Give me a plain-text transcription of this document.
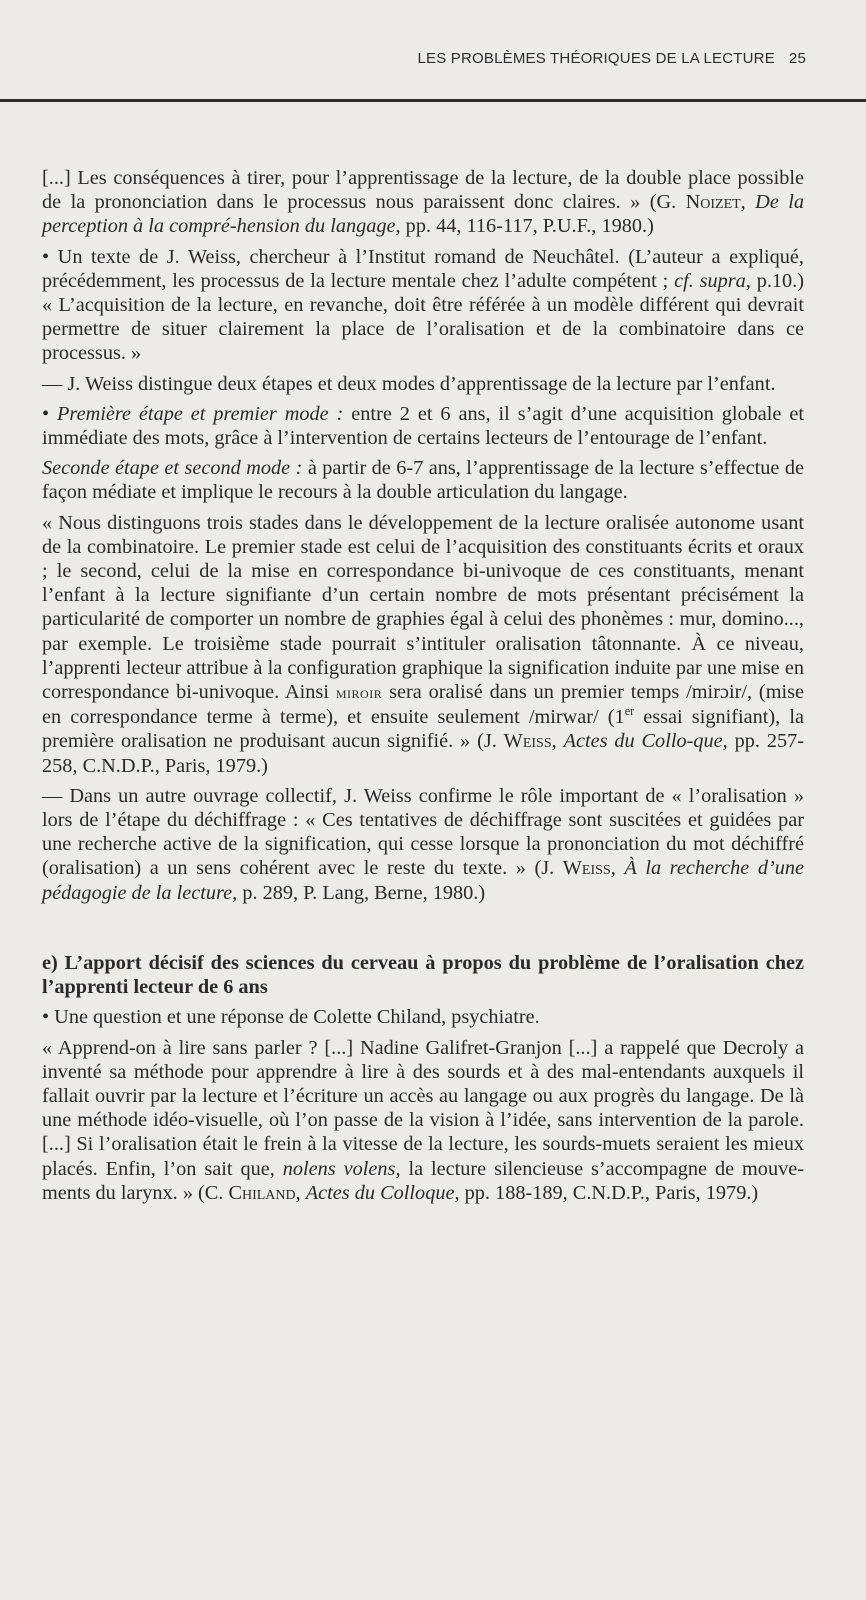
LES PROBLÈMES THÉORIQUES DE LA LECTURE 25

[...] Les conséquences à tirer, pour l’apprentissage de la lecture, de la double place possible de la prononciation dans le processus nous paraissent donc claires. » (G. Noizet, De la perception à la compré-hension du langage, pp. 44, 116-117, P.U.F., 1980.)

• Un texte de J. Weiss, chercheur à l’Institut romand de Neuchâtel. (L’auteur a expliqué, précédemment, les processus de la lecture mentale chez l’adulte compétent ; cf. supra, p.10.) « L’acquisition de la lecture, en revanche, doit être référée à un modèle différent qui devrait permettre de situer clairement la place de l’oralisation et de la combinatoire dans ce processus. »

— J. Weiss distingue deux étapes et deux modes d’apprentissage de la lecture par l’enfant.

• Première étape et premier mode : entre 2 et 6 ans, il s’agit d’une acquisition globale et immédiate des mots, grâce à l’intervention de certains lecteurs de l’entourage de l’enfant.

Seconde étape et second mode : à partir de 6-7 ans, l’apprentissage de la lecture s’effectue de façon médiate et implique le recours à la double articulation du langage.

« Nous distinguons trois stades dans le développement de la lecture oralisée autonome usant de la combinatoire. Le premier stade est celui de l’acquisition des constituants écrits et oraux ; le second, celui de la mise en correspondance bi-univoque de ces constituants, menant l’enfant à la lecture signifiante d’un certain nombre de mots présentant précisément la particularité de comporter un nombre de graphies égal à celui des phonèmes : mur, domino..., par exemple. Le troisième stade pourrait s’intituler oralisation tâtonnante. À ce niveau, l’apprenti lecteur attribue à la configuration graphique la signification induite par une mise en correspondance bi-univoque. Ainsi miroir sera oralisé dans un premier temps /mirɔir/, (mise en correspondance terme à terme), et ensuite seulement /mirwar/ (1er essai signifiant), la première oralisation ne produisant aucun signifié. » (J. Weiss, Actes du Collo-que, pp. 257-258, C.N.D.P., Paris, 1979.)

— Dans un autre ouvrage collectif, J. Weiss confirme le rôle important de « l’oralisation » lors de l’étape du déchiffrage : « Ces tentatives de déchiffrage sont suscitées et guidées par une recherche active de la signification, qui cesse lorsque la prononciation du mot déchiffré (oralisation) a un sens cohérent avec le reste du texte. » (J. Weiss, À la recherche d’une pédagogie de la lecture, p. 289, P. Lang, Berne, 1980.)

e) L’apport décisif des sciences du cerveau à propos du problème de l’oralisation chez l’apprenti lecteur de 6 ans

• Une question et une réponse de Colette Chiland, psychiatre.

« Apprend-on à lire sans parler ? [...] Nadine Galifret-Granjon [...] a rappelé que Decroly a inventé sa méthode pour apprendre à lire à des sourds et à des mal-entendants auxquels il fallait ouvrir par la lecture et l’écriture un accès au langage ou aux progrès du langage. De là une méthode idéo-visuelle, où l’on passe de la vision à l’idée, sans intervention de la parole. [...] Si l’oralisation était le frein à la vitesse de la lecture, les sourds-muets seraient les mieux placés. Enfin, l’on sait que, nolens volens, la lecture silencieuse s’accompagne de mouve-ments du larynx. » (C. Chiland, Actes du Colloque, pp. 188-189, C.N.D.P., Paris, 1979.)
